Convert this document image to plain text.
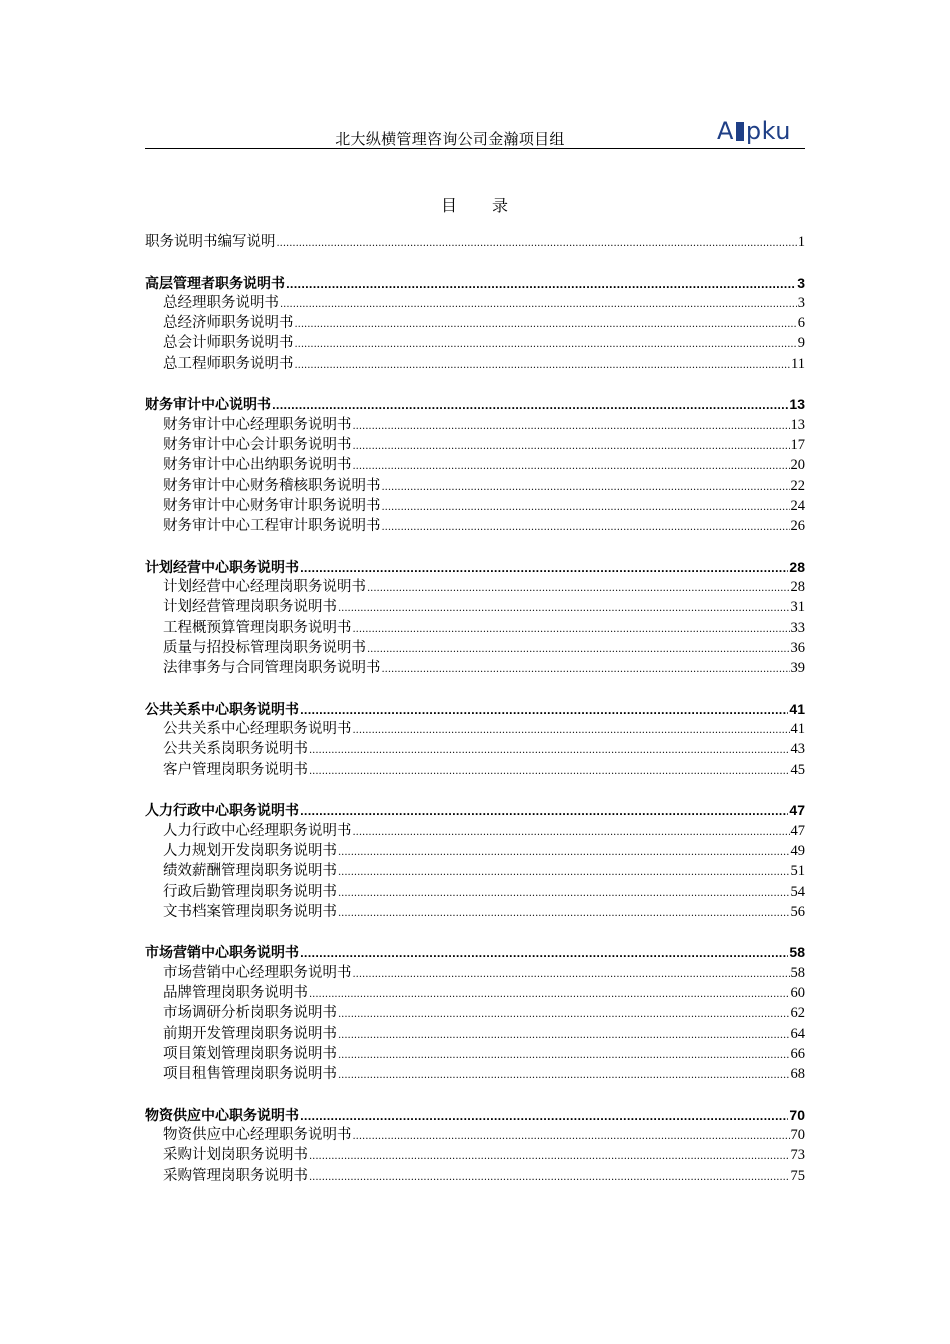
北大纵横管理咨询公司金瀚项目组	A pku
目　　录
职务说明书编写说明 .....	1
高层管理者职务说明书 .....	3
总经理职务说明书 .....	3
总经济师职务说明书 .....	6
总会计师职务说明书 .....	9
总工程师职务说明书 .....	11
财务审计中心说明书 .....	13
财务审计中心经理职务说明书 .....	13
财务审计中心会计职务说明书 .....	17
财务审计中心出纳职务说明书 .....	20
财务审计中心财务稽核职务说明书 .....	22
财务审计中心财务审计职务说明书 .....	24
财务审计中心工程审计职务说明书 .....	26
计划经营中心职务说明书 .....	28
计划经营中心经理岗职务说明书 .....	28
计划经营管理岗职务说明书 .....	31
工程概预算管理岗职务说明书 .....	33
质量与招投标管理岗职务说明书 .....	36
法律事务与合同管理岗职务说明书 .....	39
公共关系中心职务说明书 .....	41
公共关系中心经理职务说明书 .....	41
公共关系岗职务说明书 .....	43
客户管理岗职务说明书 .....	45
人力行政中心职务说明书 .....	47
人力行政中心经理职务说明书 .....	47
人力规划开发岗职务说明书 .....	49
绩效薪酬管理岗职务说明书 .....	51
行政后勤管理岗职务说明书 .....	54
文书档案管理岗职务说明书 .....	56
市场营销中心职务说明书 .....	58
市场营销中心经理职务说明书 .....	58
品牌管理岗职务说明书 .....	60
市场调研分析岗职务说明书 .....	62
前期开发管理岗职务说明书 .....	64
项目策划管理岗职务说明书 .....	66
项目租售管理岗职务说明书 .....	68
物资供应中心职务说明书 .....	70
物资供应中心经理职务说明书 .....	70
采购计划岗职务说明书 .....	73
采购管理岗职务说明书 .....	75
